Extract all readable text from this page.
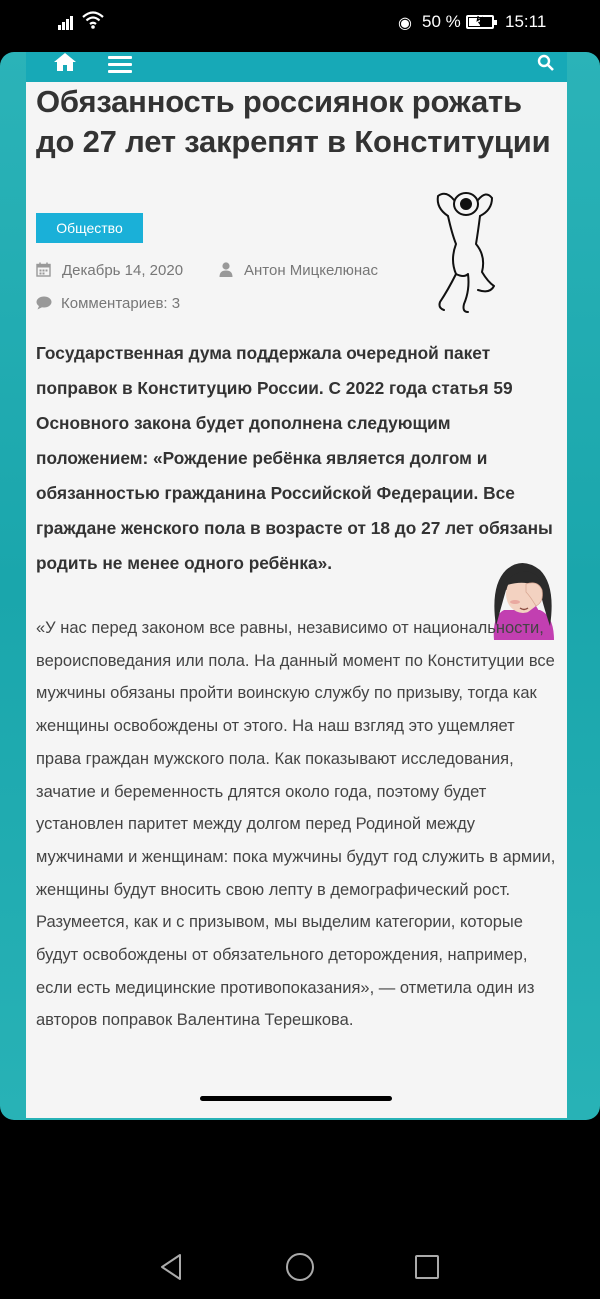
◉ 50 % ↯ 15:11
Обязанность россиянок рожать до 27 лет закрепят в Конституции
Общество
Декабрь 14, 2020	Антон Мицкелюнас
Комментариев: 3

Государственная дума поддержала очередной пакет поправок в Конституцию России. С 2022 года статья 59 Основного закона будет дополнена следующим положением: «Рождение ребёнка является долгом и обязанностью гражданина Российской Федерации. Все граждане женского пола в возрасте от 18 до 27 лет обязаны родить не менее одного ребёнка».

«У нас перед законом все равны, независимо от национальности, вероисповедания или пола. На данный момент по Конституции все мужчины обязаны пройти воинскую службу по призыву, тогда как женщины освобождены от этого. На наш взгляд это ущемляет права граждан мужского пола. Как показывают исследования, зачатие и беременность длятся около года, поэтому будет установлен паритет между долгом перед Родиной между мужчинами и женщинам: пока мужчины будут год служить в армии, женщины будут вносить свою лепту в демографический рост. Разумеется, как и с призывом, мы выделим категории, которые будут освобождены от обязательного деторождения, например, если есть медицинские противопоказания», — отметила один из авторов поправок Валентина Терешкова.
